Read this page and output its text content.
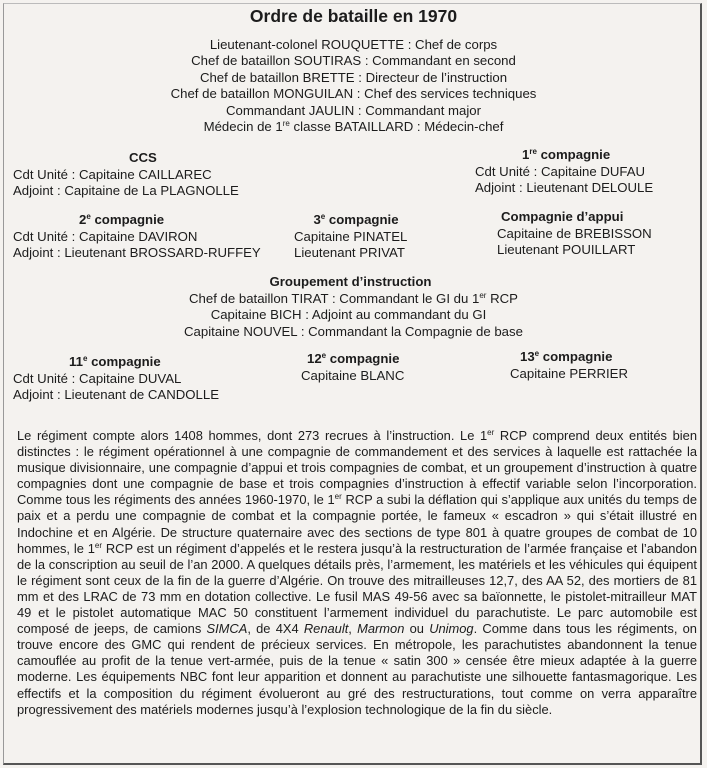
Ordre de bataille en 1970
Lieutenant-colonel ROUQUETTE : Chef de corps
Chef de bataillon SOUTIRAS : Commandant en second
Chef de bataillon BRETTE : Directeur de l’instruction
Chef de bataillon MONGUILAN : Chef des services techniques
Commandant JAULIN : Commandant major
Médecin de 1re classe BATAILLARD : Médecin-chef
CCS
Cdt Unité : Capitaine CAILLAREC
Adjoint : Capitaine de La PLAGNOLLE
1re compagnie
Cdt Unité : Capitaine DUFAU
Adjoint : Lieutenant DELOULE
2e compagnie
Cdt Unité : Capitaine DAVIRON
Adjoint : Lieutenant BROSSARD-RUFFEY
3e compagnie
Capitaine PINATEL
Lieutenant PRIVAT
Compagnie d’appui
Capitaine de BREBISSON
Lieutenant POUILLART
Groupement d’instruction
Chef de bataillon TIRAT : Commandant le GI du 1er RCP
Capitaine BICH : Adjoint au commandant du GI
Capitaine NOUVEL : Commandant la Compagnie de base
11e compagnie
Cdt Unité : Capitaine DUVAL
Adjoint : Lieutenant de CANDOLLE
12e compagnie
Capitaine BLANC
13e compagnie
Capitaine PERRIER

Le régiment compte alors 1408 hommes, dont 273 recrues à l’instruction. Le 1er RCP comprend deux entités bien distinctes : le régiment opérationnel à une compagnie de commandement et des services à laquelle est rattachée la musique divisionnaire, une compagnie d’appui et trois compagnies de combat, et un groupement d’instruction à quatre compagnies dont une compagnie de base et trois compagnies d’instruction à effectif variable selon l’incorporation. Comme tous les régiments des années 1960-1970, le 1er RCP a subi la déflation qui s’applique aux unités du temps de paix et a perdu une compagnie de combat et la compagnie portée, le fameux « escadron » qui s’était illustré en Indochine et en Algérie. De structure quaternaire avec des sections de type 801 à quatre groupes de combat de 10 hommes, le 1er RCP est un régiment d’appelés et le restera jusqu’à la restructuration de l’armée française et l’abandon de la conscription au seuil de l’an 2000. A quelques détails près, l’armement, les matériels et les véhicules qui équipent le régiment sont ceux de la fin de la guerre d’Algérie. On trouve des mitrailleuses 12,7, des AA 52, des mortiers de 81 mm et des LRAC de 73 mm en dotation collective. Le fusil MAS 49-56 avec sa baïonnette, le pistolet-mitrailleur MAT 49 et le pistolet automatique MAC 50 constituent l’armement individuel du parachutiste. Le parc automobile est composé de jeeps, de camions SIMCA, de 4X4 Renault, Marmon ou Unimog. Comme dans tous les régiments, on trouve encore des GMC qui rendent de précieux services. En métropole, les parachutistes abandonnent la tenue camouflée au profit de la tenue vert-armée, puis de la tenue « satin 300 » censée être mieux adaptée à la guerre moderne. Les équipements NBC font leur apparition et donnent au parachutiste une silhouette fantasmagorique. Les effectifs et la composition du régiment évolueront au gré des restructurations, tout comme on verra apparaître progressivement des matériels modernes jusqu’à l’explosion technologique de la fin du siècle.
